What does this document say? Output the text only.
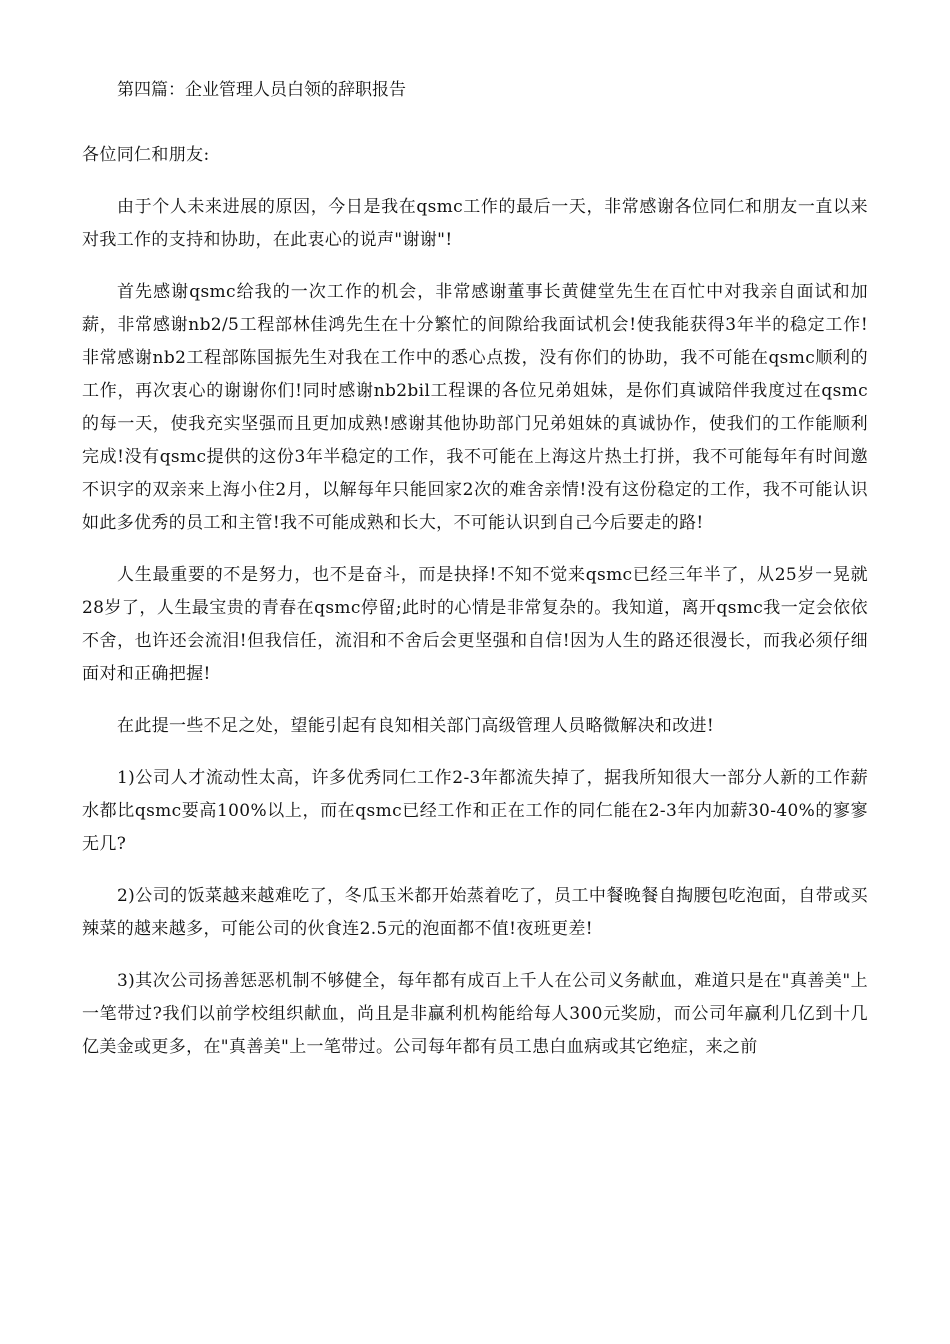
第四篇：企业管理人员白领的辞职报告

各位同仁和朋友:

由于个人未来进展的原因，今日是我在qsmc工作的最后一天，非常感谢各位同仁和朋友一直以来对我工作的支持和协助，在此衷心的说声"谢谢"!

首先感谢qsmc给我的一次工作的机会，非常感谢董事长黄健堂先生在百忙中对我亲自面试和加薪，非常感谢nb2/5工程部林佳鸿先生在十分繁忙的间隙给我面试机会!使我能获得3年半的稳定工作!非常感谢nb2工程部陈国振先生对我在工作中的悉心点拨，没有你们的协助，我不可能在qsmc顺利的工作，再次衷心的谢谢你们!同时感谢nb2bil工程课的各位兄弟姐妹，是你们真诚陪伴我度过在qsmc的每一天，使我充实坚强而且更加成熟!感谢其他协助部门兄弟姐妹的真诚协作，使我们的工作能顺利完成!没有qsmc提供的这份3年半稳定的工作，我不可能在上海这片热土打拼，我不可能每年有时间邀不识字的双亲来上海小住2月，以解每年只能回家2次的难舍亲情!没有这份稳定的工作，我不可能认识如此多优秀的员工和主管!我不可能成熟和长大，不可能认识到自己今后要走的路!

人生最重要的不是努力，也不是奋斗，而是抉择!不知不觉来qsmc已经三年半了，从25岁一晃就28岁了，人生最宝贵的青春在qsmc停留;此时的心情是非常复杂的。我知道，离开qsmc我一定会依依不舍，也许还会流泪!但我信任，流泪和不舍后会更坚强和自信!因为人生的路还很漫长，而我必须仔细面对和正确把握!

在此提一些不足之处，望能引起有良知相关部门高级管理人员略微解决和改进!

1)公司人才流动性太高，许多优秀同仁工作2-3年都流失掉了，据我所知很大一部分人新的工作薪水都比qsmc要高100%以上，而在qsmc已经工作和正在工作的同仁能在2-3年内加薪30-40%的寥寥无几?

2)公司的饭菜越来越难吃了，冬瓜玉米都开始蒸着吃了，员工中餐晚餐自掏腰包吃泡面，自带或买辣菜的越来越多，可能公司的伙食连2.5元的泡面都不值!夜班更差!

3)其次公司扬善惩恶机制不够健全，每年都有成百上千人在公司义务献血，难道只是在"真善美"上一笔带过?我们以前学校组织献血，尚且是非赢利机构能给每人300元奖励，而公司年赢利几亿到十几亿美金或更多，在"真善美"上一笔带过。公司每年都有员工患白血病或其它绝症，来之前
